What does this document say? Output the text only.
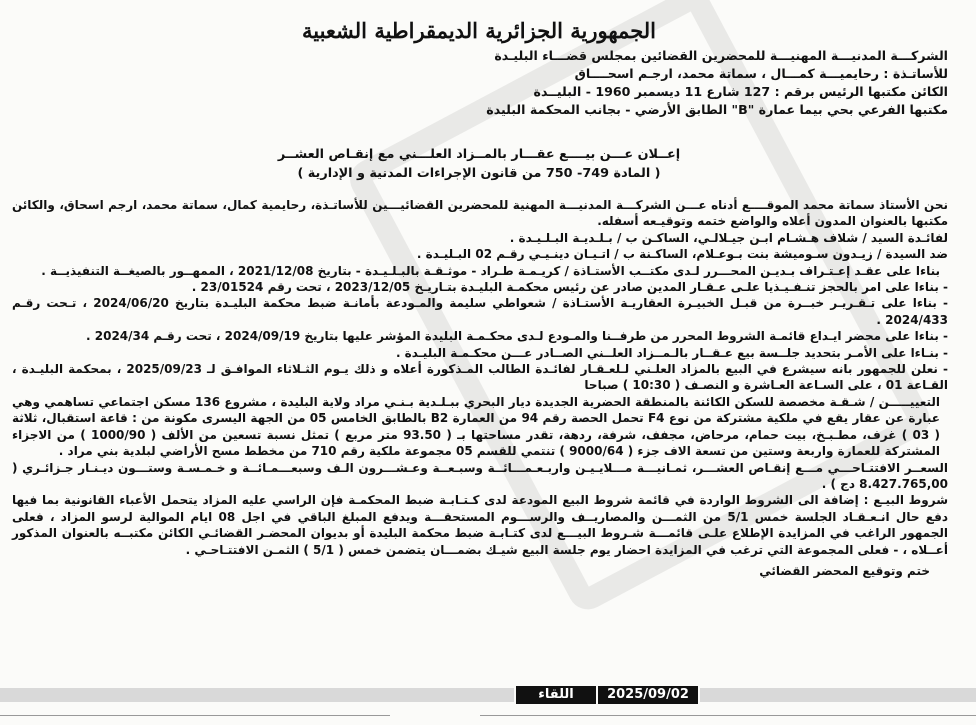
الجمهورية الجزائرية الديمقراطية الشعبية

الشركـــة المدنيـــة المهنيـــة للمحضرين القضائين بمجلس قضـــاء البليـدة

للأساتـذة : رحايميـــة كمـــال ، سماتة محمد، ارجـم اسحــــاق

الكائن مكتبها الرئيس برقم : 127 شارع 11 ديسمبر 1960 - البليــدة

مكتبها الفرعي بحي بيما عمارة "B" الطابق الأرضي - بجانب المحكمة البليدة

إعــلان عـــن بيــــع عقـــار بالمــزاد العلـــني مع إنقـاص العشــر

( المادة 749- 750 من قانون الإجراءات المدنية و الإدارية )

نحن الأستاذ سماتة محمد الموقــــع أدناه عـــن الشركـــة المدنيـــة المهنية للمحضرين القضائيـــين للأساتـذة، رحايمية كمال، سماتة محمد، ارجم اسحاق، والكائن مكتبها بالعنوان المدون أعلاه والواضع ختمه وتوقيـعه أسفله.

لفائـدة السيد / شلاف هـشـام ابـن جيـلالـي، الساكـن ب / بـلـديـة البـلـيـدة .

ضد السيدة / زيـدون سـوميشة بنت بـوعـلام، الساكـنة ب / اتـيـان دينـيـي رقـم 02 البـليـدة .

بناءا على عقـد إعـتـراف بـديـن المحـــرر لـدى مكتــب الأستـاذة / كريـمـة طـراد - موثـقـة بالبـلـيـدة - بتاريخ 2021/12/08 ، الممهــور بالصيغــة التنفيذيــة .

- بناءا على امر بالحجز تنـفـيـذيا علـى عـقـار المدين صادر عن رئيس محكمـة البليـدة بتـاريـخ 2023/12/05 ، تحت رقم 23/01524 .

- بناءا على تـقـريـر خبــرة من قبـل الخبيـرة العقاريـة الأستـاذة / شعواطي سليمة والمـودعة بأمانـة ضبط محكمة البليـدة بتاريخ 2024/06/20 ، تـحت رقـم 2024/433 .

- بناءا على محضر ايـداع قائمـة الشروط المحرر من طرفــنا والمـودع لـدى محكـمـة البليدة المؤشر عليها بتاريخ 2024/09/19 ، تحت رقـم 2024/34 .

- بنـاءا على الأمـر بتحديد جلــسة بيع عـقــار بالـمــزاد العلــني الصــادر عـــن محكـمـة البليـدة .

- نعلن للجمهور بانه سيشرع في البيع بالمزاد العلـني لـلعـقـار لفائـدة الطالب المـذكورة أعلاه و ذلك يـوم الثـلاثاء الموافـق لـ 2025/09/23 ، بمحكمة البليـدة ، القـاعة 01 ، على السـاعة العـاشرة و النصـف ( 10:30 ) صباحا

التعييـــــن / شـقـة مخصصة للسكن الكائنة بالمنطقة الحضرية الجديدة ديار البحري ببـلـدية بـنـي مراد ولاية البليدة ، مشروع 136 مسكن اجتماعي تساهمي وهي عبارة عن عقار يقع في ملكية مشتركة من نوع F4 تحمل الحصة رقم 94 من العمارة B2 بالطابق الخامس 05 من الجهة اليسرى مكونة من : قاعة استقبال، ثلاثة ( 03 ) غرف، مطـبـخ، بيت حمام، مرحاض، مجفف، شرفة، ردهة، تقدر مساحتها بـ ( 93.50 متر مربع ) تمثل نسبة تسعين من الألف ( 1000/90 ) من الاجزاء المشتركة للعمارة واربعة وستين من تسعة الاف جزء ( 9000/64 ) تنتمي للقسم 05 مجموعة ملكية رقم 710 من مخطط مسح الأراضي لبلدية بني مراد .

السعــر الافتتـاحـــي مـــع إنقـاص العشـــر، ثمـانيـــة مـــلايـيـن واربـعـمـــائــة وسبـعــة وعـشـــرون الـف وسبعـــمـائــة و خـمـسـة وستـــون ديـنـار جـزائـري ( 8.427.765,00 دج ) .

شروط البيـع : إضافة الى الشروط الواردة في قائمة شروط البيع المودعة لدى كـتـابـة ضبط المحكمـة فإن الراسي عليه المزاد يتحمل الأعباء القانونية بما فيها دفع حال انـعـقـاد الجلسة خمس 5/1 من الثمـــن والمصاريــف والرســـوم المستحقـــة ويدفع المبلغ الباقي في اجل 08 ايام الموالية لرسو المزاد ، فعلى الجمهور الراغب في المزايدة الإطلاع علـى قائمـــة شـروط البيـــع لدى كتـابـة ضبط محكمة البليدة أو بديوان المحضـر القضائـي الكائن مكتبــه بالعنوان المذكور أعــلاه ، - فعلى المجموعة التي ترغب في المزايدة احضار يوم جلسة البيع شيـك بضمـــان يتضمن خمس ( 5/1 ) الثمـن الافتتـاحـي .

ختم وتوقيع المحضر القضائي

اللقاء	2025/09/02
